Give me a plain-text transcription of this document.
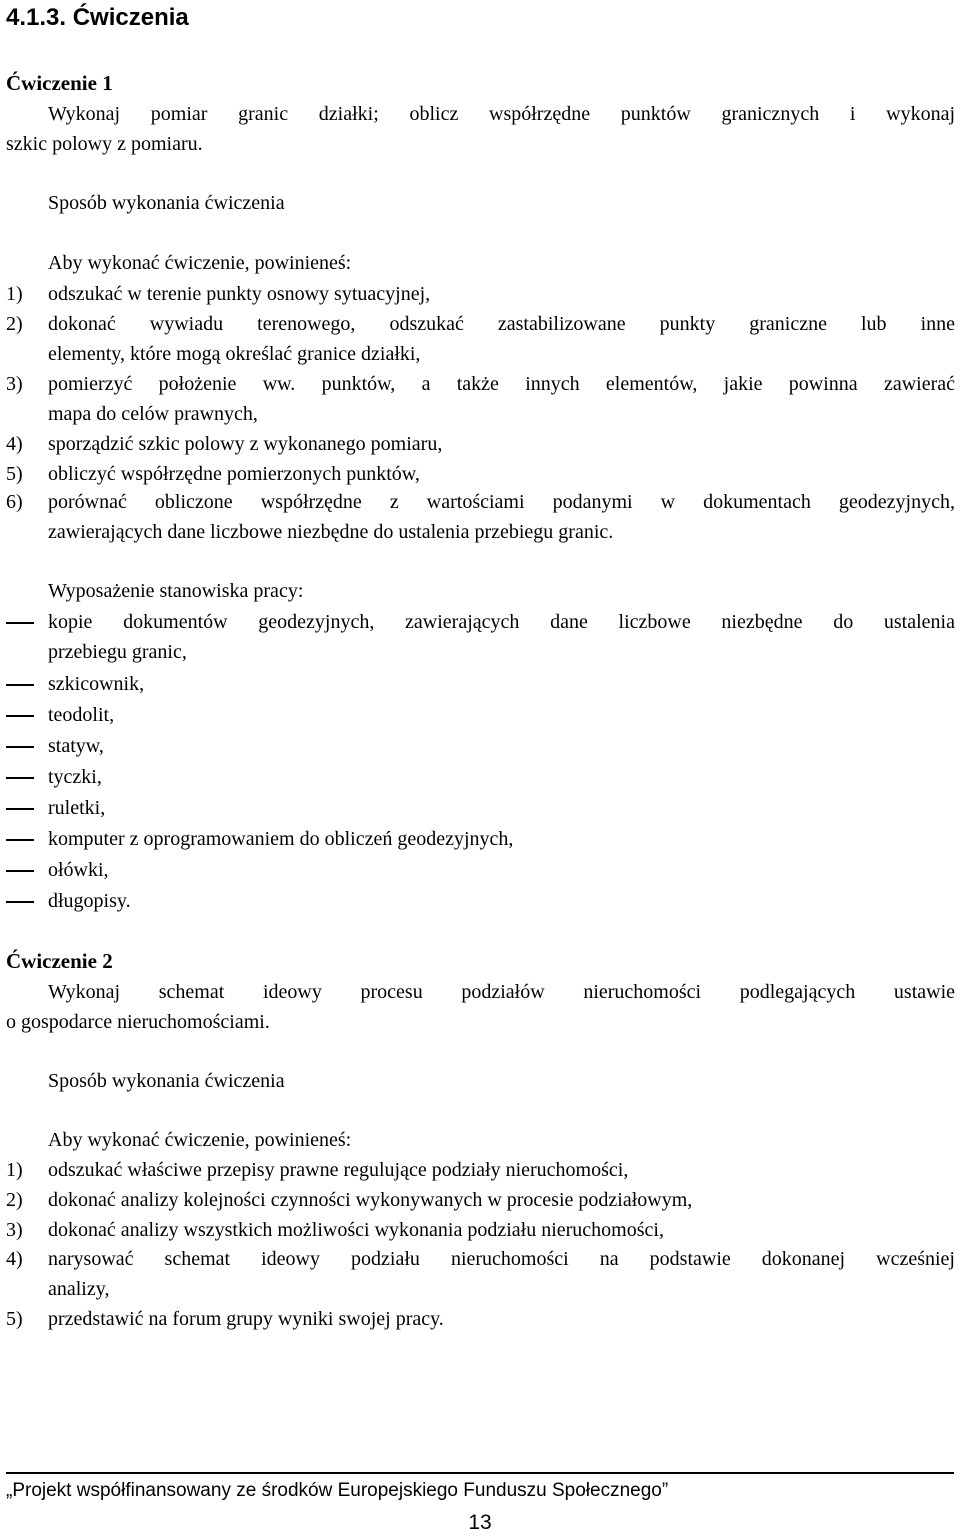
4.1.3. Ćwiczenia
Ćwiczenie 1
Wykonaj pomiar granic działki; oblicz współrzędne punktów granicznych i wykonaj
szkic polowy z pomiaru.
Sposób wykonania ćwiczenia
Aby wykonać ćwiczenie, powinieneś:
1) odszukać w terenie punkty osnowy sytuacyjnej,
2) dokonać wywiadu terenowego, odszukać zastabilizowane punkty graniczne lub inne
elementy, które mogą określać granice działki,
3) pomierzyć położenie ww. punktów, a także innych elementów, jakie powinna zawierać
mapa do celów prawnych,
4) sporządzić szkic polowy z wykonanego pomiaru,
5) obliczyć współrzędne pomierzonych punktów,
6) porównać obliczone współrzędne z wartościami podanymi w dokumentach geodezyjnych,
zawierających dane liczbowe niezbędne do ustalenia przebiegu granic.
Wyposażenie stanowiska pracy:
kopie dokumentów geodezyjnych, zawierających dane liczbowe niezbędne do ustalenia
przebiegu granic,
szkicownik,
teodolit,
statyw,
tyczki,
ruletki,
komputer z oprogramowaniem do obliczeń geodezyjnych,
ołówki,
długopisy.
Ćwiczenie 2
Wykonaj schemat ideowy procesu podziałów nieruchomości podlegających ustawie
o gospodarce nieruchomościami.
Sposób wykonania ćwiczenia
Aby wykonać ćwiczenie, powinieneś:
1) odszukać właściwe przepisy prawne regulujące podziały nieruchomości,
2) dokonać analizy kolejności czynności wykonywanych w procesie podziałowym,
3) dokonać analizy wszystkich możliwości wykonania podziału nieruchomości,
4) narysować schemat ideowy podziału nieruchomości na podstawie dokonanej wcześniej
analizy,
5) przedstawić na forum grupy wyniki swojej pracy.
„Projekt współfinansowany ze środków Europejskiego Funduszu Społecznego”
13
